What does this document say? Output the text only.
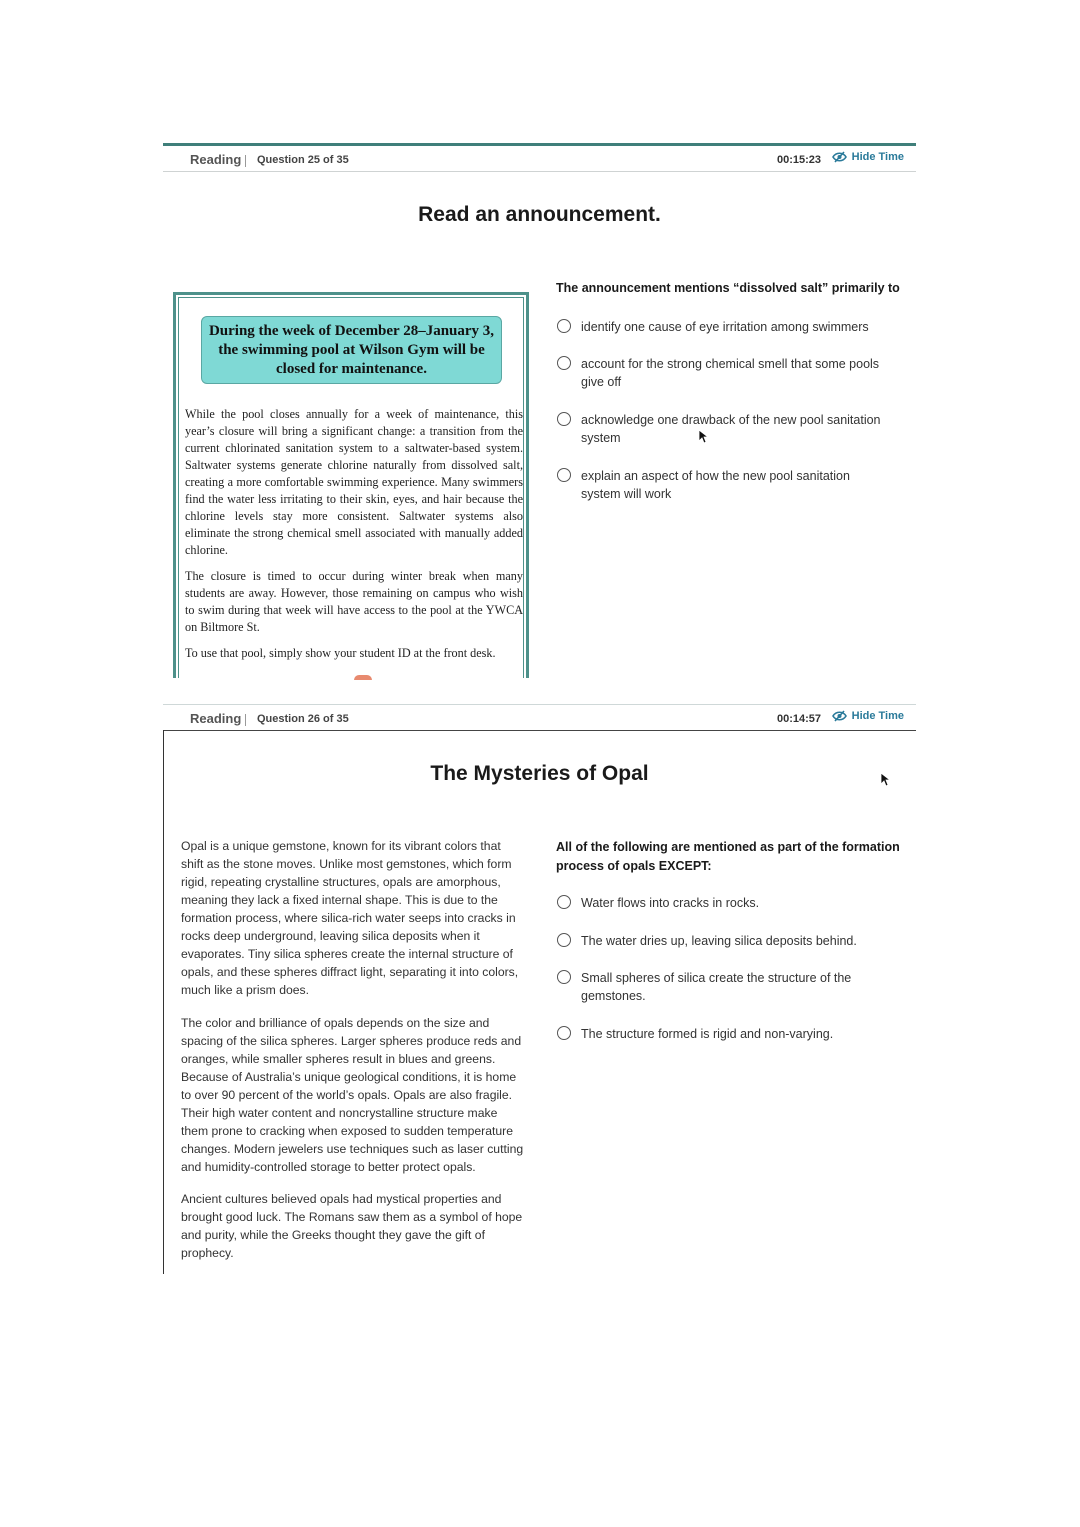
Reading Question 25 of 35	00:15:23	Hide Time
Read an announcement.
During the week of December 28–January 3, the swimming pool at Wilson Gym will be closed for maintenance.
While the pool closes annually for a week of maintenance, this year’s closure will bring a significant change: a transition from the current chlorinated sanitation system to a saltwater-based system. Saltwater systems generate chlorine naturally from dissolved salt, creating a more comfortable swimming experience. Many swimmers find the water less irritating to their skin, eyes, and hair because the chlorine levels stay more consistent. Saltwater systems also eliminate the strong chemical smell associated with manually added chlorine.
The closure is timed to occur during winter break when many students are away. However, those remaining on campus who wish to swim during that week will have access to the pool at the YWCA on Biltmore St.
To use that pool, simply show your student ID at the front desk.
The announcement mentions “dissolved salt” primarily to
identify one cause of eye irritation among swimmers
account for the strong chemical smell that some pools give off
acknowledge one drawback of the new pool sanitation system
explain an aspect of how the new pool sanitation system will work
Reading Question 26 of 35	00:14:57	Hide Time
The Mysteries of Opal
Opal is a unique gemstone, known for its vibrant colors that shift as the stone moves. Unlike most gemstones, which form rigid, repeating crystalline structures, opals are amorphous, meaning they lack a fixed internal shape. This is due to the formation process, where silica-rich water seeps into cracks in rocks deep underground, leaving silica deposits when it evaporates. Tiny silica spheres create the internal structure of opals, and these spheres diffract light, separating it into colors, much like a prism does.
The color and brilliance of opals depends on the size and spacing of the silica spheres. Larger spheres produce reds and oranges, while smaller spheres result in blues and greens. Because of Australia’s unique geological conditions, it is home to over 90 percent of the world’s opals. Opals are also fragile. Their high water content and noncrystalline structure make them prone to cracking when exposed to sudden temperature changes. Modern jewelers use techniques such as laser cutting and humidity-controlled storage to better protect opals.
Ancient cultures believed opals had mystical properties and brought good luck. The Romans saw them as a symbol of hope and purity, while the Greeks thought they gave the gift of prophecy.
All of the following are mentioned as part of the formation process of opals EXCEPT:
Water flows into cracks in rocks.
The water dries up, leaving silica deposits behind.
Small spheres of silica create the structure of the gemstones.
The structure formed is rigid and non-varying.
